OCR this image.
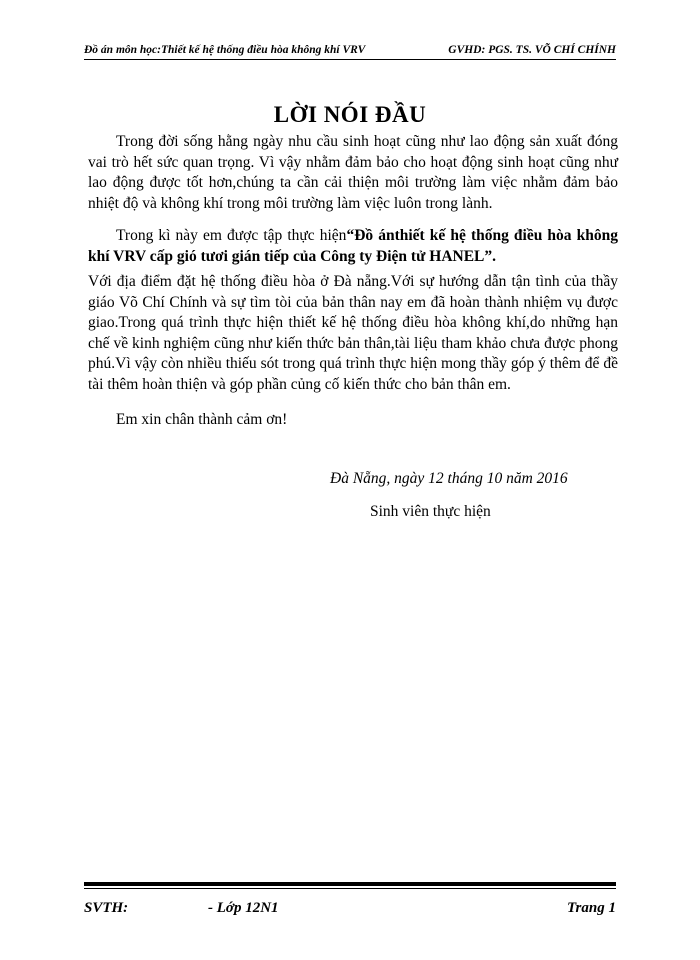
Đồ án môn học:Thiết kế hệ thống điều hòa không khí VRV	GVHD: PGS. TS. VÕ CHÍ CHÍNH
LỜI NÓI ĐẦU

Trong đời sống hằng ngày nhu cầu sinh hoạt cũng như lao động sản xuất đóng vai trò hết sức quan trọng. Vì vậy nhằm đảm bảo cho hoạt động sinh hoạt cũng như lao động được tốt hơn,chúng ta cần cải thiện môi trường làm việc nhằm đảm bảo nhiệt độ và không khí trong môi trường làm việc luôn trong lành.

Trong kì này em được tập thực hiện“Đồ ánthiết kế hệ thống điều hòa không khí VRV cấp gió tươi gián tiếp của Công ty Điện tử HANEL”.

Với địa điểm đặt hệ thống điều hòa ở Đà nẵng.Với sự hướng dẫn tận tình của thầy giáo Võ Chí Chính và sự tìm tòi của bản thân nay em đã hoàn thành nhiệm vụ được giao.Trong quá trình thực hiện thiết kế hệ thống điều hòa không khí,do những hạn chế về kinh nghiệm cũng như kiến thức bản thân,tài liệu tham khảo chưa được phong phú.Vì vậy còn nhiều thiếu sót trong quá trình thực hiện mong thầy góp ý thêm để đề tài thêm hoàn thiện và góp phần củng cố kiến thức cho bản thân em.

Em xin chân thành cảm ơn!
Đà Nẵng, ngày 12 tháng 10 năm 2016
Sinh viên thực hiện
SVTH:	- Lớp 12N1	Trang 1
